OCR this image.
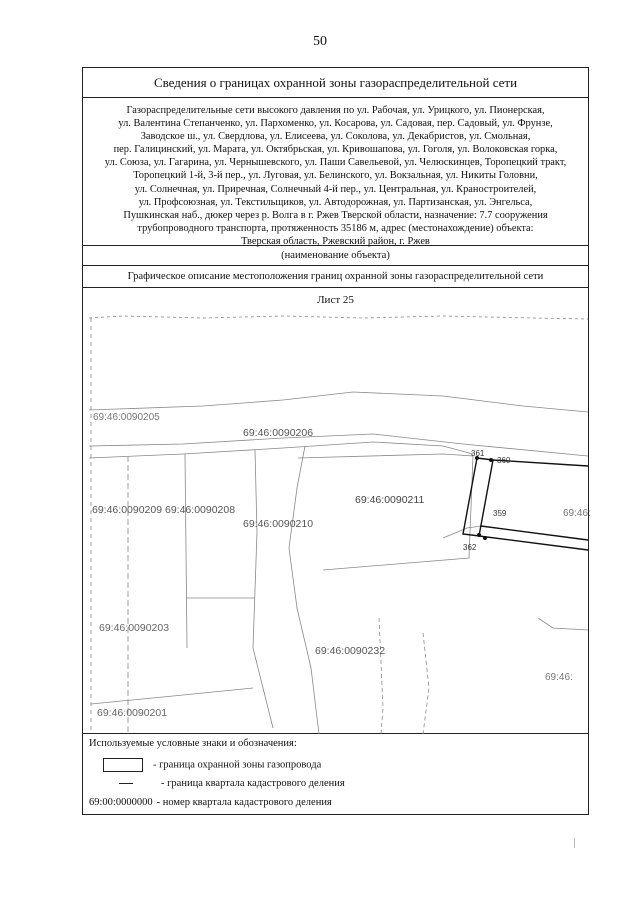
50
Сведения о границах охранной зоны газораспределительной сети
Газораспределительные сети высокого давления по ул. Рабочая, ул. Урицкого, ул. Пионерская,
ул. Валентина Степанченко, ул. Пархоменко, ул. Косарова, ул. Садовая, пер. Садовый, ул. Фрунзе,
Заводское ш., ул. Свердлова, ул. Елисеева, ул. Соколова, ул. Декабристов, ул. Смольная,
пер. Галицинский, ул. Марата, ул. Октябрьская, ул. Кривошапова, ул. Гоголя, ул. Волоковская горка,
ул. Союза, ул. Гагарина, ул. Чернышевского, ул. Паши Савельевой, ул. Челюскинцев, Торопецкий тракт,
Торопецкий 1-й, 3-й пер., ул. Луговая, ул. Белинского, ул. Вокзальная, ул. Никиты Головни,
ул. Солнечная, ул. Приречная, Солнечный 4-й пер., ул. Центральная, ул. Краностроителей,
ул. Профсоюзная, ул. Текстильщиков, ул. Автодорожная, ул. Партизанская, ул. Энгельса,
Пушкинская наб., дюкер через р. Волга в г. Ржев Тверской области, назначение: 7.7 сооружения
трубопроводного транспорта, протяженность 35186 м, адрес (местонахождение) объекта:
Тверская область, Ржевский район, г. Ржев
(наименование объекта)
Графическое описание местоположения границ охранной зоны газораспределительной сети
Лист 25
69:46:0090205
69:46:0090206
69:46:0090211
69:46:0090209 69:46:0090208
69:46:0090210
69:46:0090203
69:46:0090232
69:46:0090201
69:46:
69:46:
361
360
359
362
Используемые условные знаки и обозначения:
- граница охранной зоны газопровода
- граница квартала кадастрового деления
69:00:0000000 - номер квартала кадастрового деления
